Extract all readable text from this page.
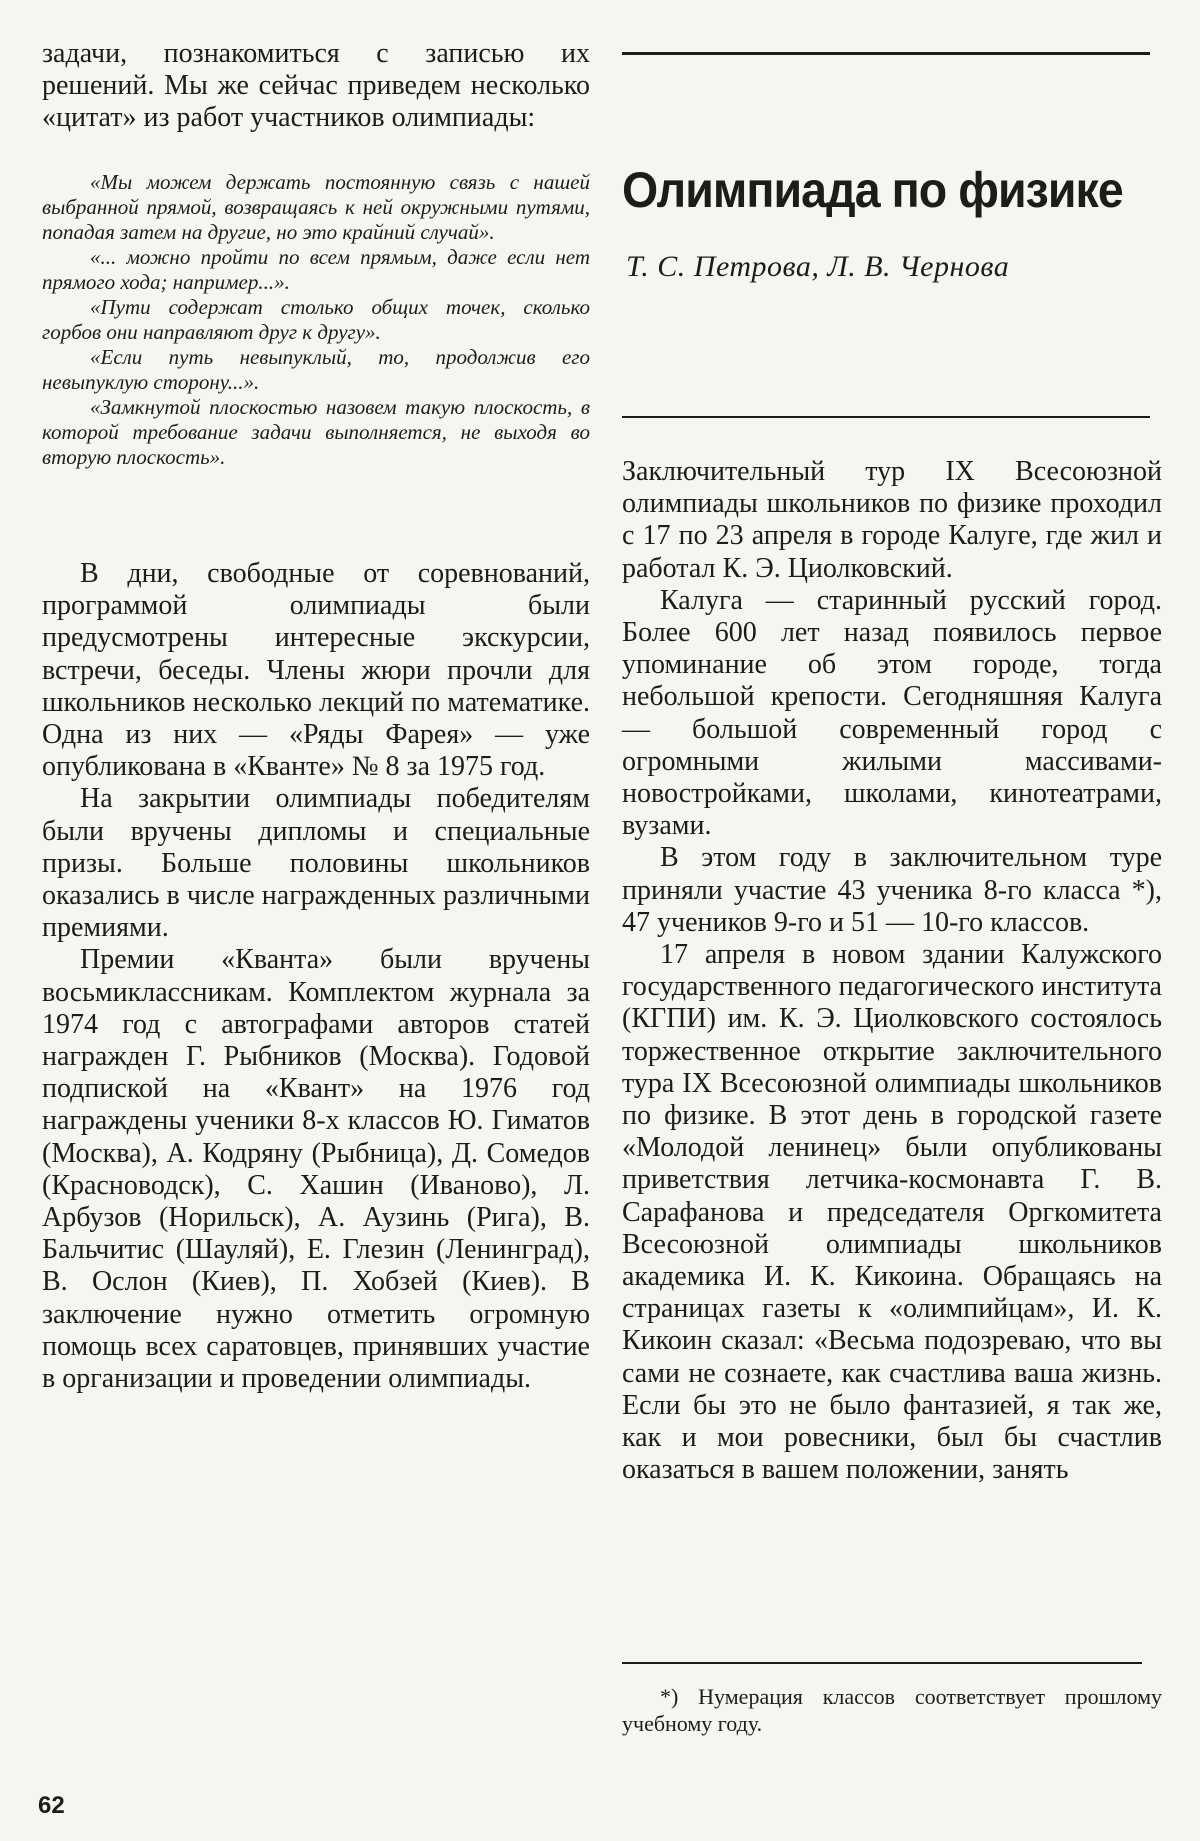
задачи, познакомиться с записью их решений. Мы же сейчас приведем несколько «цитат» из работ участников олимпиады:

«Мы можем держать постоянную связь с нашей выбранной прямой, возвращаясь к ней окружными путями, попадая затем на другие, но это крайний случай».

«... можно пройти по всем прямым, даже если нет прямого хода; например...».

«Пути содержат столько общих точек, сколько горбов они направляют друг к другу».

«Если путь невыпуклый, то, продолжив его невыпуклую сторону...».

«Замкнутой плоскостью назовем такую плоскость, в которой требование задачи выполняется, не выходя во вторую плоскость».

В дни, свободные от соревнований, программой олимпиады были предусмотрены интересные экскурсии, встречи, беседы. Члены жюри прочли для школьников несколько лекций по математике. Одна из них — «Ряды Фарея» — уже опубликована в «Кванте» № 8 за 1975 год.

На закрытии олимпиады победителям были вручены дипломы и специальные призы. Больше половины школьников оказались в числе награжденных различными премиями.

Премии «Кванта» были вручены восьмиклассникам. Комплектом журнала за 1974 год с автографами авторов статей награжден Г. Рыбников (Москва). Годовой подпиской на «Квант» на 1976 год награждены ученики 8-х классов Ю. Гиматов (Москва), А. Кодряну (Рыбница), Д. Сомедов (Красноводск), С. Хашин (Иваново), Л. Арбузов (Норильск), А. Аузинь (Рига), В. Бальчитис (Шауляй), Е. Глезин (Ленинград), В. Ослон (Киев), П. Хобзей (Киев). В заключение нужно отметить огромную помощь всех саратовцев, принявших участие в организации и проведении олимпиады.

Олимпиада по физике

Т. С. Петрова, Л. В. Чернова

Заключительный тур IX Всесоюзной олимпиады школьников по физике проходил с 17 по 23 апреля в городе Калуге, где жил и работал К. Э. Циолковский.

Калуга — старинный русский город. Более 600 лет назад появилось первое упоминание об этом городе, тогда небольшой крепости. Сегодняшняя Калуга — большой современный город с огромными жилыми массивами-новостройками, школами, кинотеатрами, вузами.

В этом году в заключительном туре приняли участие 43 ученика 8-го класса *), 47 учеников 9-го и 51 — 10-го классов.

17 апреля в новом здании Калужского государственного педагогического института (КГПИ) им. К. Э. Циолковского состоялось торжественное открытие заключительного тура IX Всесоюзной олимпиады школьников по физике. В этот день в городской газете «Молодой ленинец» были опубликованы приветствия летчика-космонавта Г. В. Сарафанова и председателя Оргкомитета Всесоюзной олимпиады школьников академика И. К. Кикоина. Обращаясь на страницах газеты к «олимпийцам», И. К. Кикоин сказал: «Весьма подозреваю, что вы сами не сознаете, как счастлива ваша жизнь. Если бы это не было фантазией, я так же, как и мои ровесники, был бы счастлив оказаться в вашем положении, занять

*) Нумерация классов соответствует прошлому учебному году.

62
